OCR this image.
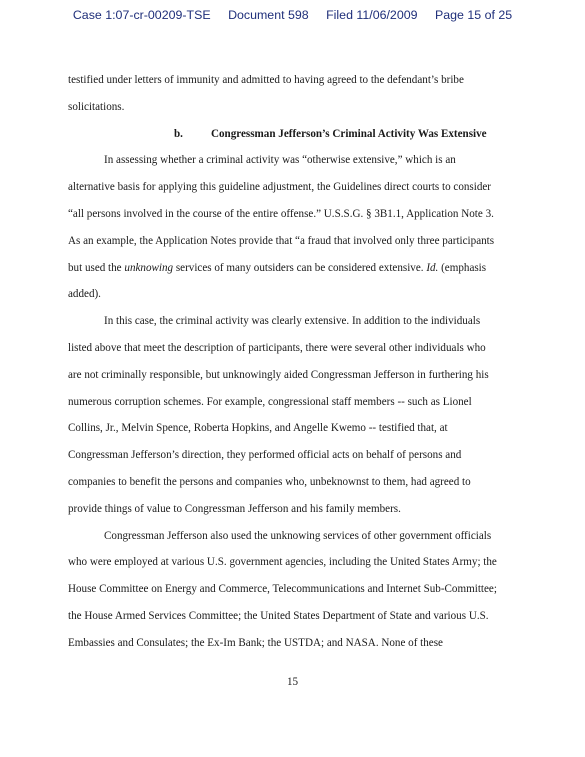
Case 1:07-cr-00209-TSE Document 598 Filed 11/06/2009 Page 15 of 25
testified under letters of immunity and admitted to having agreed to the defendant’s bribe
solicitations.
b.	Congressman Jefferson’s Criminal Activity Was Extensive
In assessing whether a criminal activity was “otherwise extensive,” which is an
alternative basis for applying this guideline adjustment, the Guidelines direct courts to consider
“all persons involved in the course of the entire offense.” U.S.S.G. § 3B1.1, Application Note 3.
As an example, the Application Notes provide that “a fraud that involved only three participants
but used the unknowing services of many outsiders can be considered extensive. Id. (emphasis
added).
In this case, the criminal activity was clearly extensive. In addition to the individuals
listed above that meet the description of participants, there were several other individuals who
are not criminally responsible, but unknowingly aided Congressman Jefferson in furthering his
numerous corruption schemes. For example, congressional staff members -- such as Lionel
Collins, Jr., Melvin Spence, Roberta Hopkins, and Angelle Kwemo -- testified that, at
Congressman Jefferson’s direction, they performed official acts on behalf of persons and
companies to benefit the persons and companies who, unbeknownst to them, had agreed to
provide things of value to Congressman Jefferson and his family members.
Congressman Jefferson also used the unknowing services of other government officials
who were employed at various U.S. government agencies, including the United States Army; the
House Committee on Energy and Commerce, Telecommunications and Internet Sub-Committee;
the House Armed Services Committee; the United States Department of State and various U.S.
Embassies and Consulates; the Ex-Im Bank; the USTDA; and NASA. None of these
15
